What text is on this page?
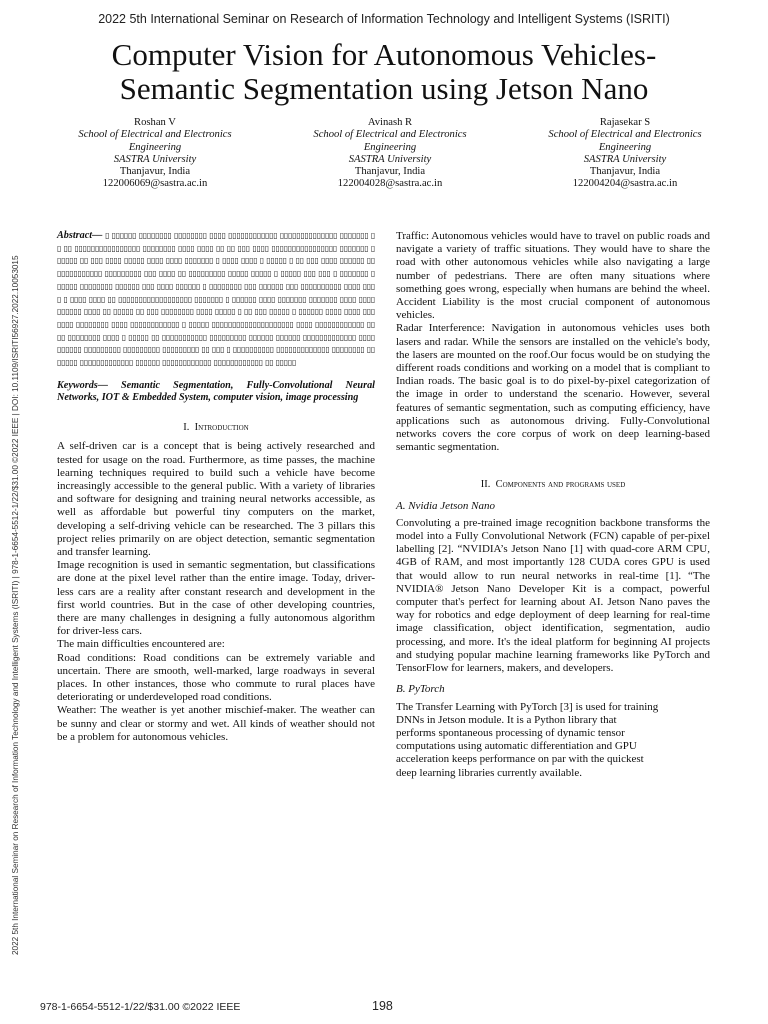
2022 5th International Seminar on Research of Information Technology and Intelligent Systems (ISRITI)
Computer Vision for Autonomous Vehicles-
Semantic Segmentation using Jetson Nano
Roshan V
School of Electrical and Electronics
Engineering
SASTRA University
Thanjavur, India
122006069@sastra.ac.in
Avinash R
School of Electrical and Electronics
Engineering
SASTRA University
Thanjavur, India
122004028@sastra.ac.in
Rajasekar S
School of Electrical and Electronics
Engineering
SASTRA University
Thanjavur, India
122004204@sastra.ac.in
2022 5th International Seminar on Research of Information Technology and Intelligent Systems (ISRITI) | 978-1-6654-5512-1/22/$31.00 ©2022 IEEE | DOI: 10.1109/ISRITI56927.2022.10053015
Abstract— ▯ ▯▯▯▯▯▯ ▯▯▯▯▯▯▯▯ ▯▯▯▯▯▯▯▯ ▯▯▯▯ ▯▯▯▯▯▯▯▯▯▯▯▯ ▯▯▯▯▯▯▯▯▯▯▯▯▯▯ ▯▯▯▯▯▯▯ ▯▯ ▯▯ ▯▯▯▯▯▯▯▯▯▯▯▯▯▯▯▯ ▯▯▯▯▯▯▯▯ ▯▯▯▯ ▯▯▯▯ ▯▯ ▯▯ ▯▯▯ ▯▯▯▯ ▯▯▯▯▯▯▯▯▯▯▯▯▯▯▯▯ ▯▯▯▯▯▯▯ ▯▯▯▯▯▯ ▯▯ ▯▯▯ ▯▯▯▯ ▯▯▯▯▯ ▯▯▯▯ ▯▯▯▯ ▯▯▯▯▯▯▯ ▯ ▯▯▯▯ ▯▯▯▯ ▯ ▯▯▯▯▯ ▯ ▯▯ ▯▯▯ ▯▯▯▯ ▯▯▯▯▯▯ ▯▯▯▯▯▯▯▯▯▯▯▯▯ ▯▯▯▯▯▯▯▯▯ ▯▯▯ ▯▯▯▯ ▯▯ ▯▯▯▯▯▯▯▯▯ ▯▯▯▯▯ ▯▯▯▯▯ ▯ ▯▯▯▯▯ ▯▯▯ ▯▯▯ ▯ ▯▯▯▯▯▯▯ ▯▯▯▯▯▯ ▯▯▯▯▯▯▯▯ ▯▯▯▯▯▯ ▯▯▯ ▯▯▯▯ ▯▯▯▯▯▯ ▯ ▯▯▯▯▯▯▯▯ ▯▯▯ ▯▯▯▯▯▯ ▯▯▯ ▯▯▯▯▯▯▯▯▯▯ ▯▯▯▯ ▯▯▯▯ ▯ ▯▯▯▯ ▯▯▯▯ ▯▯ ▯▯▯▯▯▯▯▯▯▯▯▯▯▯▯▯▯▯ ▯▯▯▯▯▯▯ ▯ ▯▯▯▯▯▯ ▯▯▯▯ ▯▯▯▯▯▯▯ ▯▯▯▯▯▯▯ ▯▯▯▯ ▯▯▯▯▯▯▯▯▯▯ ▯▯▯▯ ▯▯ ▯▯▯▯▯ ▯▯ ▯▯▯ ▯▯▯▯▯▯▯▯ ▯▯▯▯ ▯▯▯▯▯ ▯ ▯▯ ▯▯▯ ▯▯▯▯▯ ▯ ▯▯▯▯▯▯ ▯▯▯▯ ▯▯▯▯ ▯▯▯▯▯▯▯ ▯▯▯▯▯▯▯▯ ▯▯▯▯ ▯▯▯▯▯▯▯▯▯▯▯▯ ▯ ▯▯▯▯▯ ▯▯▯▯▯▯▯▯▯▯▯▯▯▯▯▯▯▯▯▯ ▯▯▯▯ ▯▯▯▯▯▯▯▯▯▯▯▯ ▯▯▯▯ ▯▯▯▯▯▯▯▯ ▯▯▯▯ ▯ ▯▯▯▯▯ ▯▯ ▯▯▯▯▯▯▯▯▯▯▯ ▯▯▯▯▯▯▯▯▯ ▯▯▯▯▯▯ ▯▯▯▯▯▯ ▯▯▯▯▯▯▯▯▯▯▯▯▯ ▯▯▯▯▯▯▯▯▯▯ ▯▯▯▯▯▯▯▯▯ ▯▯▯▯▯▯▯▯▯ ▯▯▯▯▯▯▯▯▯ ▯▯ ▯▯▯ ▯ ▯▯▯▯▯▯▯▯▯▯ ▯▯▯▯▯▯▯▯▯▯▯▯▯ ▯▯▯▯▯▯▯▯ ▯▯▯▯▯▯▯ ▯▯▯▯▯▯▯▯▯▯▯▯▯ ▯▯▯▯▯▯ ▯▯▯▯▯▯▯▯▯▯▯▯ ▯▯▯▯▯▯▯▯▯▯▯▯ ▯▯ ▯▯▯▯▯
Keywords— Semantic Segmentation, Fully-Convolutional Neural Networks, IOT & Embedded System, computer vision, image processing
I. Introduction

A self-driven car is a concept that is being actively researched and tested for usage on the road. Furthermore, as time passes, the machine learning techniques required to build such a vehicle have become increasingly accessible to the general public. With a variety of libraries and software for designing and training neural networks accessible, as well as affordable but powerful tiny computers on the market, developing a self-driving vehicle can be researched. The 3 pillars this project relies primarily on are object detection, semantic segmentation and transfer learning.

Image recognition is used in semantic segmentation, but classifications are done at the pixel level rather than the entire image. Today, driver-less cars are a reality after constant research and development in the first world countries. But in the case of other developing countries, there are many challenges in designing a fully autonomous algorithm for driver-less cars.

The main difficulties encountered are:

Road conditions: Road conditions can be extremely variable and uncertain. There are smooth, well-marked, large roadways in several places. In other instances, those who commute to rural places have deteriorating or underdeveloped road conditions.

Weather: The weather is yet another mischief-maker. The weather can be sunny and clear or stormy and wet. All kinds of weather should not be a problem for autonomous vehicles.

Traffic: Autonomous vehicles would have to travel on public roads and navigate a variety of traffic situations. They would have to share the road with other autonomous vehicles while also navigating a large number of pedestrians. There are often many situations where something goes wrong, especially when humans are behind the wheel. Accident Liability is the most crucial component of autonomous vehicles.

Radar Interference: Navigation in autonomous vehicles uses both lasers and radar. While the sensors are installed on the vehicle's body, the lasers are mounted on the roof.Our focus would be on studying the different roads conditions and working on a model that is compliant to Indian roads. The basic goal is to do pixel-by-pixel categorization of the image in order to understand the scenario. However, several features of semantic segmentation, such as computing efficiency, have applications such as autonomous driving. Fully-Convolutional networks covers the core corpus of work on deep learning-based semantic segmentation.

II. Components and programs used
A. Nvidia Jetson Nano

Convoluting a pre-trained image recognition backbone transforms the model into a Fully Convolutional Network (FCN) capable of per-pixel labelling [2]. “NVIDIA’s Jetson Nano [1] with quad-core ARM CPU, 4GB of RAM, and most importantly 128 CUDA cores GPU is used that would allow to run neural networks in real-time [1]. “The NVIDIA® Jetson Nano Developer Kit is a compact, powerful computer that's perfect for learning about AI. Jetson Nano paves the way for robotics and edge deployment of deep learning for real-time image classification, object identification, segmentation, audio processing, and more. It's the ideal platform for beginning AI projects and studying popular machine learning frameworks like PyTorch and TensorFlow for learners, makers, and developers.

B. PyTorch
The Transfer Learning with PyTorch [3] is used for training
DNNs in Jetson module. It is a Python library that
performs spontaneous processing of dynamic tensor
computations using automatic differentiation and GPU
acceleration keeps performance on par with the quickest
deep learning libraries currently available.
978-1-6654-5512-1/22/$31.00 ©2022 IEEE	198
